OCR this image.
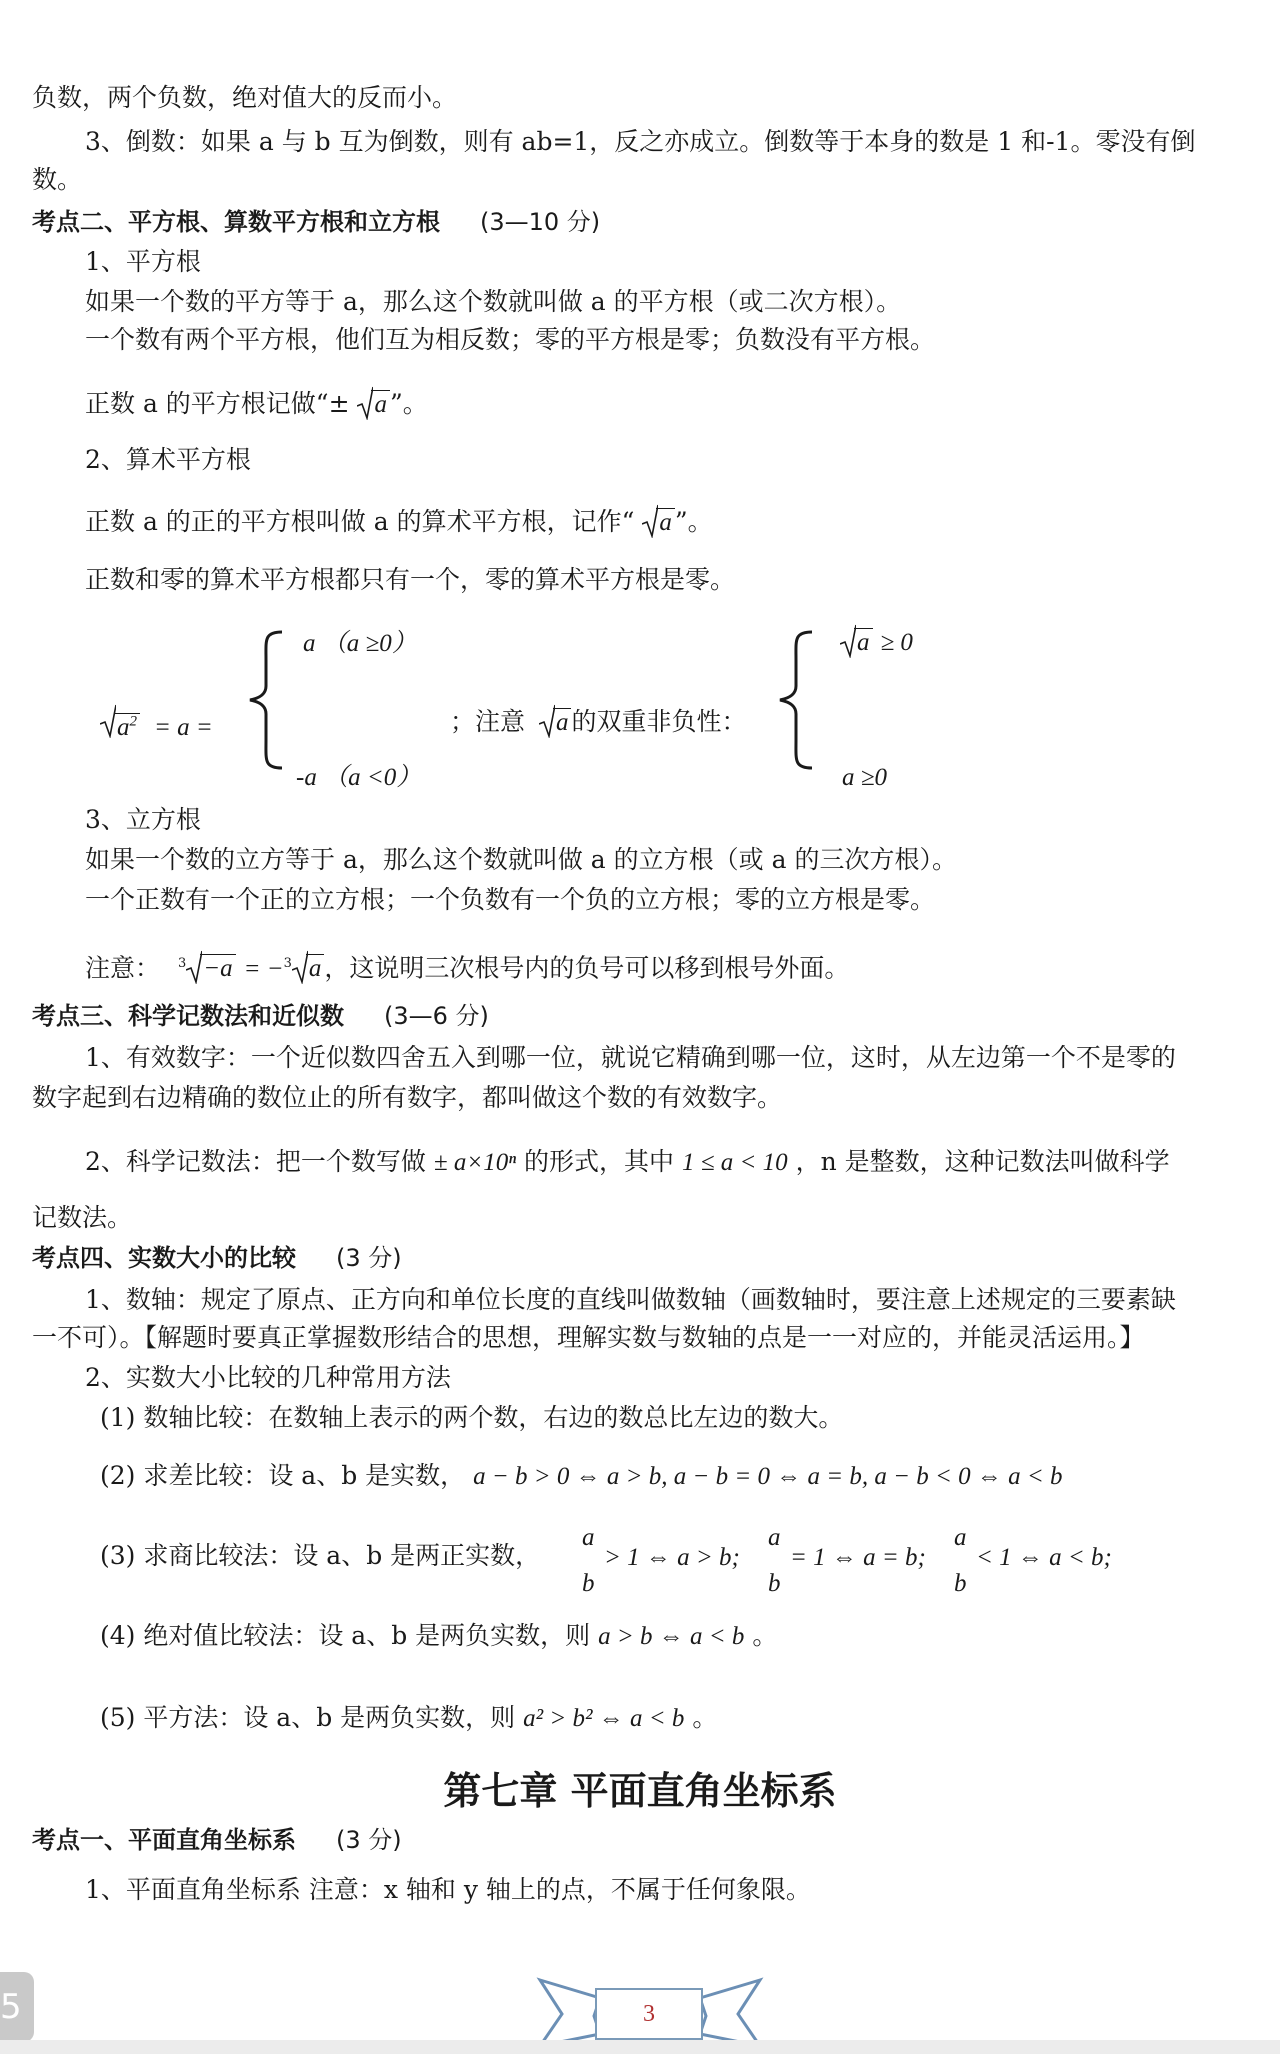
负数，两个负数，绝对值大的反而小。
3、倒数：如果 a 与 b 互为倒数，则有 ab=1，反之亦成立。倒数等于本身的数是 1 和-1。零没有倒
数。
考点二、平方根、算数平方根和立方根 (3—10 分)
1、平方根
如果一个数的平方等于 a，那么这个数就叫做 a 的平方根（或二次方根）。
一个数有两个平方根，他们互为相反数；零的平方根是零；负数没有平方根。
正数 a 的平方根记做“± a ”。
2、算术平方根
正数 a 的正的平方根叫做 a 的算术平方根，记作“ a ”。
正数和零的算术平方根都只有一个，零的算术平方根是零。
a （a ≥0）
-a （a <0）
$a^2 = a$ =	；注意 a 的双重非负性：
a ≥ 0
a ≥0
3、立方根
如果一个数的立方等于 a，那么这个数就叫做 a 的立方根（或 a 的三次方根）。
一个正数有一个正的立方根；一个负数有一个负的立方根；零的立方根是零。
注意： $^3$ −a = −$^3$ a ，这说明三次根号内的负号可以移到根号外面。
考点三、科学记数法和近似数 (3—6 分)
1、有效数字：一个近似数四舍五入到哪一位，就说它精确到哪一位，这时，从左边第一个不是零的
数字起到右边精确的数位止的所有数字，都叫做这个数的有效数字。
2、科学记数法：把一个数写做 ± a×10ⁿ 的形式，其中 1 ≤ a < 10 ，n 是整数，这种记数法叫做科学
记数法。
考点四、实数大小的比较 (3 分)
1、数轴：规定了原点、正方向和单位长度的直线叫做数轴（画数轴时，要注意上述规定的三要素缺
一不可）。【解题时要真正掌握数形结合的思想，理解实数与数轴的点是一一对应的，并能灵活运用。】
2、实数大小比较的几种常用方法
(1) 数轴比较：在数轴上表示的两个数，右边的数总比左边的数大。
(2) 求差比较：设 a、b 是实数， a − b > 0 ⇔ a > b, a − b = 0 ⇔ a = b, a − b < 0 ⇔ a < b
(3) 求商比较法：设 a、b 是两正实数，
a
b
> 1 ⇔ a > b;
a
b
= 1 ⇔ a = b;
a
b
< 1 ⇔ a < b;
(4) 绝对值比较法：设 a、b 是两负实数，则 a > b ⇔ a < b 。
(5) 平方法：设 a、b 是两负实数，则 a² > b² ⇔ a < b 。
第七章 平面直角坐标系
考点一、平面直角坐标系 (3 分)
1、平面直角坐标系 注意：x 轴和 y 轴上的点，不属于任何象限。
3
5
